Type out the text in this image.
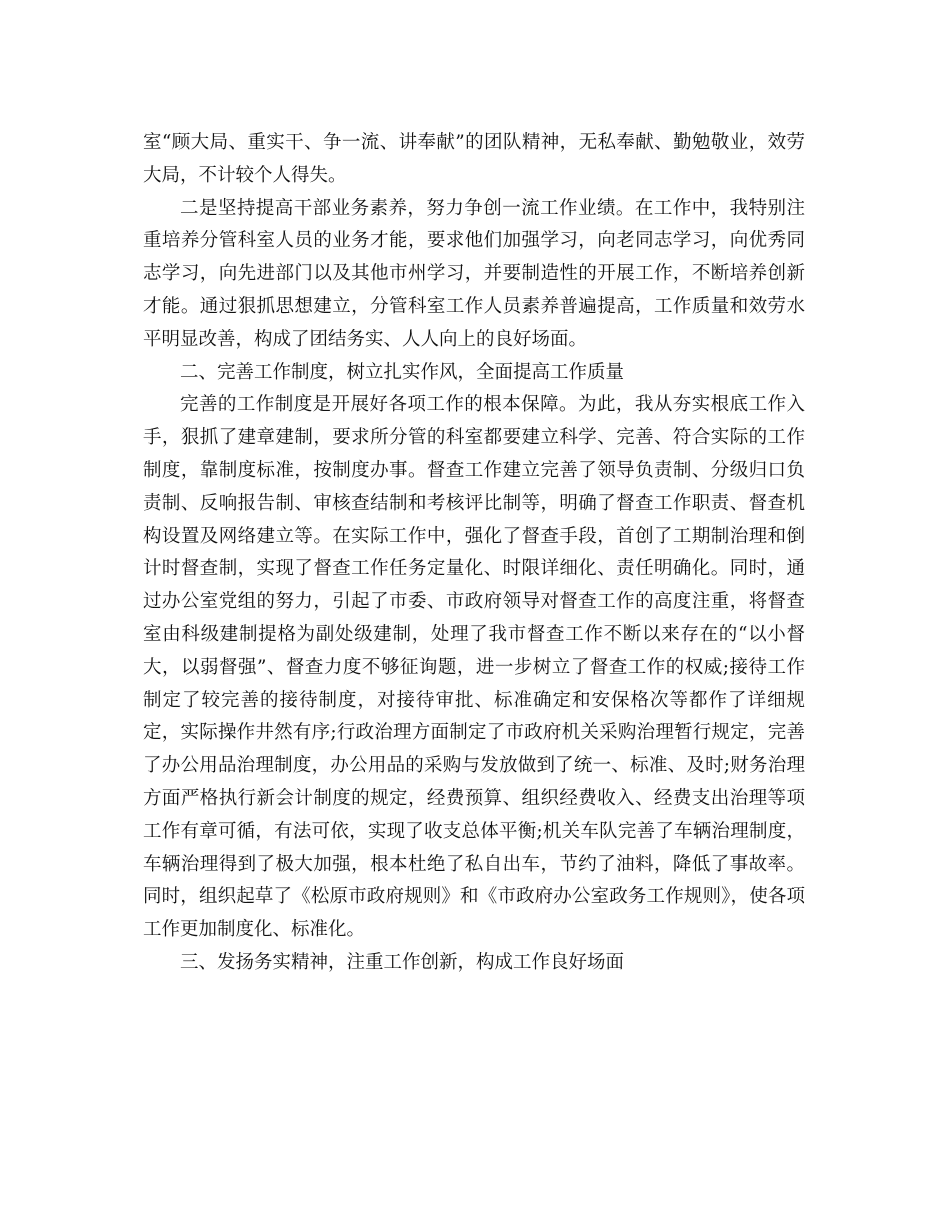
室“顾大局、重实干、争一流、讲奉献”的团队精神，无私奉献、勤勉敬业，效劳大局，不计较个人得失。

二是坚持提高干部业务素养，努力争创一流工作业绩。在工作中，我特别注重培养分管科室人员的业务才能，要求他们加强学习，向老同志学习，向优秀同志学习，向先进部门以及其他市州学习，并要制造性的开展工作，不断培养创新才能。通过狠抓思想建立，分管科室工作人员素养普遍提高，工作质量和效劳水平明显改善，构成了团结务实、人人向上的良好场面。

二、完善工作制度，树立扎实作风，全面提高工作质量

完善的工作制度是开展好各项工作的根本保障。为此，我从夯实根底工作入手，狠抓了建章建制，要求所分管的科室都要建立科学、完善、符合实际的工作制度，靠制度标准，按制度办事。督查工作建立完善了领导负责制、分级归口负责制、反响报告制、审核查结制和考核评比制等，明确了督查工作职责、督查机构设置及网络建立等。在实际工作中，强化了督查手段，首创了工期制治理和倒计时督查制，实现了督查工作任务定量化、时限详细化、责任明确化。同时，通过办公室党组的努力，引起了市委、市政府领导对督查工作的高度注重，将督查室由科级建制提格为副处级建制，处理了我市督查工作不断以来存在的“以小督大，以弱督强”、督查力度不够征询题，进一步树立了督查工作的权威;接待工作制定了较完善的接待制度，对接待审批、标准确定和安保格次等都作了详细规定，实际操作井然有序;行政治理方面制定了市政府机关采购治理暂行规定，完善了办公用品治理制度，办公用品的采购与发放做到了统一、标准、及时;财务治理方面严格执行新会计制度的规定，经费预算、组织经费收入、经费支出治理等项工作有章可循，有法可依，实现了收支总体平衡;机关车队完善了车辆治理制度，车辆治理得到了极大加强，根本杜绝了私自出车，节约了油料，降低了事故率。同时，组织起草了《松原市政府规则》和《市政府办公室政务工作规则》，使各项工作更加制度化、标准化。

三、发扬务实精神，注重工作创新，构成工作良好场面
